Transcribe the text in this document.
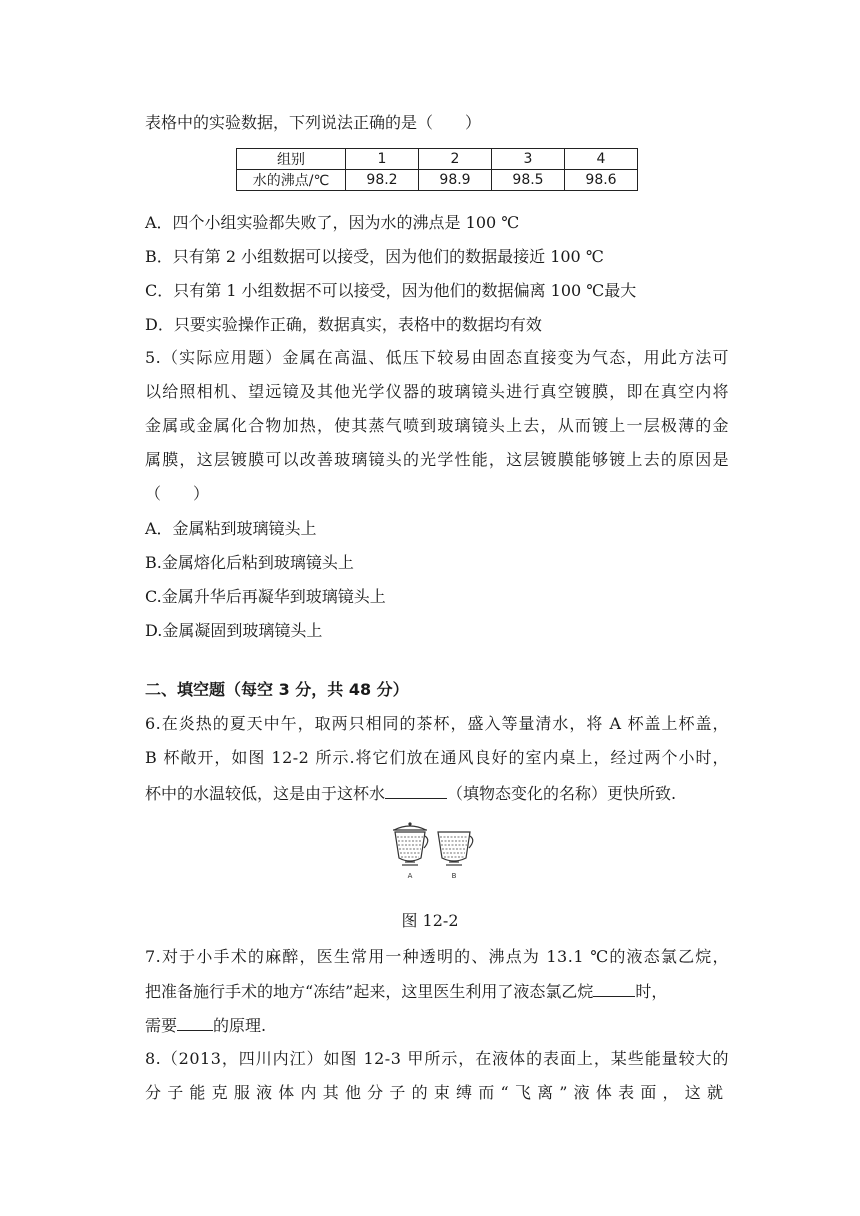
表格中的实验数据，下列说法正确的是（　　）
组别	1	2	3	4
水的沸点/℃	98.2	98.9	98.5	98.6
A．四个小组实验都失败了，因为水的沸点是 100 ℃
B．只有第 2 小组数据可以接受，因为他们的数据最接近 100 ℃
C．只有第 1 小组数据不可以接受，因为他们的数据偏离 100 ℃最大
D．只要实验操作正确，数据真实，表格中的数据均有效
5.（实际应用题）金属在高温、低压下较易由固态直接变为气态，用此方法可
以给照相机、望远镜及其他光学仪器的玻璃镜头进行真空镀膜，即在真空内将
金属或金属化合物加热，使其蒸气喷到玻璃镜头上去，从而镀上一层极薄的金
属膜，这层镀膜可以改善玻璃镜头的光学性能，这层镀膜能够镀上去的原因是
（　　）
A．金属粘到玻璃镜头上
B.金属熔化后粘到玻璃镜头上
C.金属升华后再凝华到玻璃镜头上
D.金属凝固到玻璃镜头上
二、填空题（每空 3 分，共 48 分）
6.在炎热的夏天中午，取两只相同的茶杯，盛入等量清水，将 A 杯盖上杯盖，
B 杯敞开，如图 12-2 所示.将它们放在通风良好的室内桌上，经过两个小时，
杯中的水温较低，这是由于这杯水	（填物态变化的名称）更快所致.
A	B
图 12-2
7.对于小手术的麻醉，医生常用一种透明的、沸点为 13.1 ℃的液态氯乙烷，
把准备施行手术的地方“冻结”起来，这里医生利用了液态氯乙烷	时，
需要 的原理.
8.（2013，四川内江）如图 12-3 甲所示，在液体的表面上，某些能量较大的
分子能克服液体内其他分子的束缚而“飞离”液体表面，这就
